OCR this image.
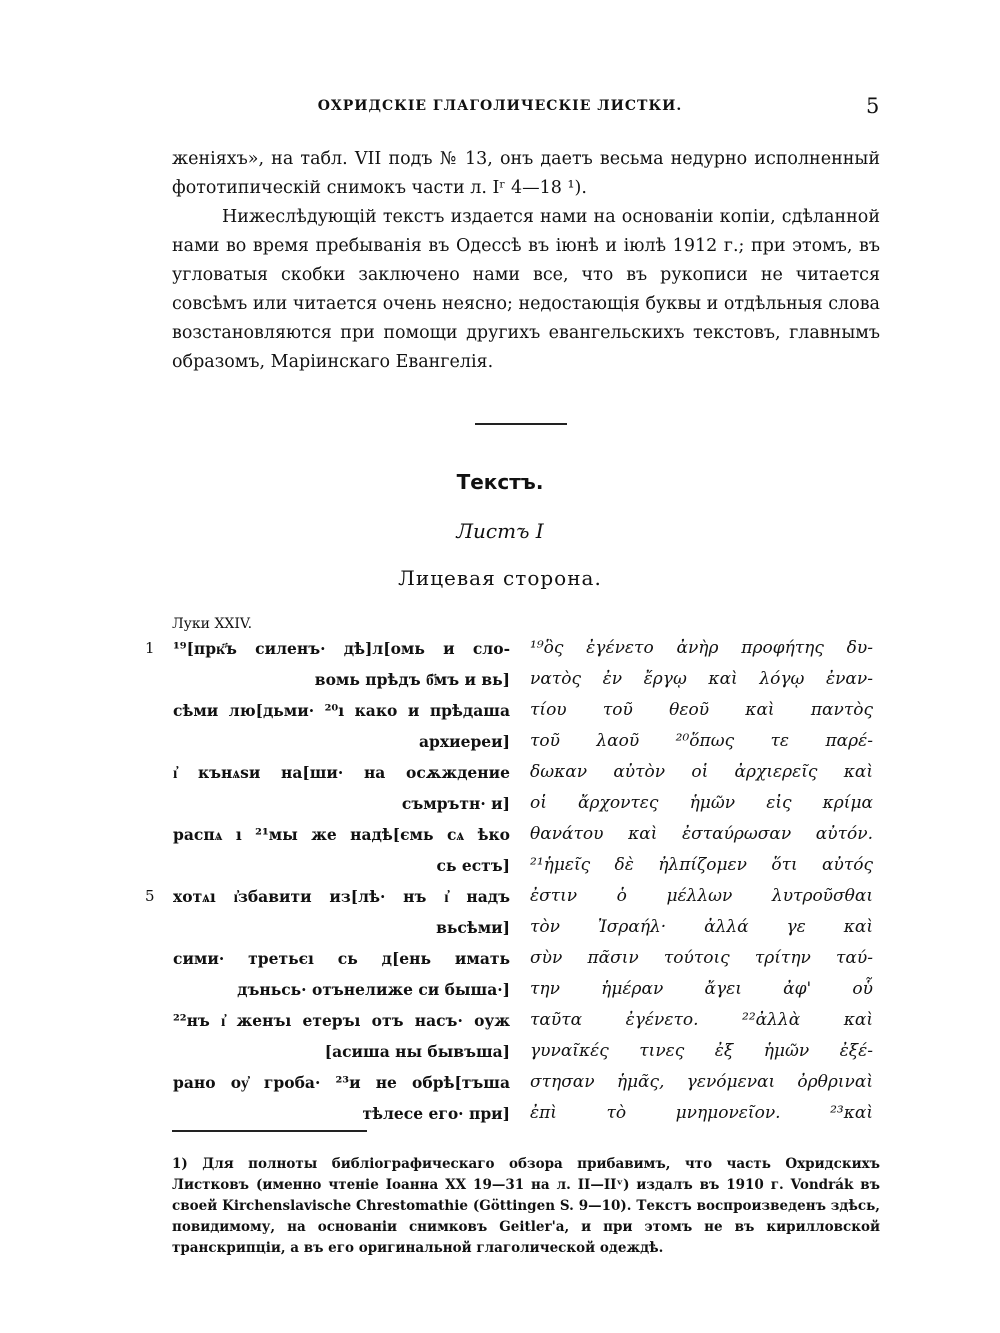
ОХРИДСКІЕ ГЛАГОЛИЧЕСКІЕ ЛИСТКИ.	5

женіяхъ», на табл. VII подъ № 13, онъ даетъ весьма недурно исполненный фототипическій снимокъ части л. Iʳ 4—18 ¹).

Нижеслѣдующій текстъ издается нами на основаніи копіи, сдѣланной нами во время пребыванія въ Одессѣ въ іюнѣ и іюлѣ 1912 г.; при этомъ, въ угловатыя скобки заключено нами все, что въ рукописи не читается совсѣмъ или читается очень неясно; недостающія буквы и отдѣльныя слова возстановляются при помощи другихъ евангельскихъ текстовъ, главнымъ образомъ, Маріинскаго Евангелія.

Текстъ.
Листъ I
Лицевая сторона.
Луки XXIV.
1 ¹⁹[прк҃ъ силенъ· дѣ]л[омь и сло-
вомь прѣдъ б҃мъ и вь]
сѣми лю[дьми· ²⁰ı како и прѣдаша
архиереи]
ı҆ кънѧѕи на[ши· на осѫждение
съмрътн· и]
распѧ ı ²¹мы же надѣ[ємь сѧ ѣко
сь естъ]
5 хотѧı ı҆збавити из[лѣ· нъ ı҆ надъ
вьсѣми]
сими· третьєı сь д[ень имать
дъньсь· отънелиже си быша·]
²²нъ ı҆ женъı етеръı отъ насъ· оуж
[асиша ны бывъша]
рано оу҆ гроба· ²³и не обрѣ[тъша
тѣлесе его· при]
¹⁹ὃς ἐγένετο ἀνὴρ προφήτης δυ-
νατὸς ἐν ἔργῳ καὶ λόγῳ ἐναν-
τίου τοῦ θεοῦ καὶ παντὸς
τοῦ λαοῦ ²⁰ὅπως τε παρέ-
δωκαν αὐτὸν οἱ ἀρχιερεῖς καὶ
οἱ ἄρχοντες ἡμῶν εἰς κρίμα
θανάτου καὶ ἐσταύρωσαν αὐτόν.
²¹ἡμεῖς δὲ ἠλπίζομεν ὅτι αὐτός
ἐστιν ὁ μέλλων λυτροῦσθαι
τὸν Ἰσραήλ· ἀλλά γε καὶ
σὺν πᾶσιν τούτοις τρίτην ταύ-
την ἡμέραν ἄγει ἀφ' οὗ
ταῦτα ἐγένετο. ²²ἀλλὰ καὶ
γυναῖκές τινες ἐξ ἡμῶν ἐξέ-
στησαν ἡμᾶς, γενόμεναι ὀρθριναὶ
ἐπὶ τὸ μνημονεῖον. ²³καὶ

1) Для полноты библіографическаго обзора прибавимъ, что часть Охридскихъ Листковъ (именно чтеніе Іоанна XX 19—31 на л. II—IIᵛ) издалъ въ 1910 г. Vondrák въ своей Kirchenslavische Chrestomathie (Göttingen S. 9—10). Текстъ воспроизведенъ здѣсь, повидимому, на основаніи снимковъ Geitler'а, и при этомъ не въ кирилловской транскрипціи, а въ его оригинальной глаголической одеждѣ.
